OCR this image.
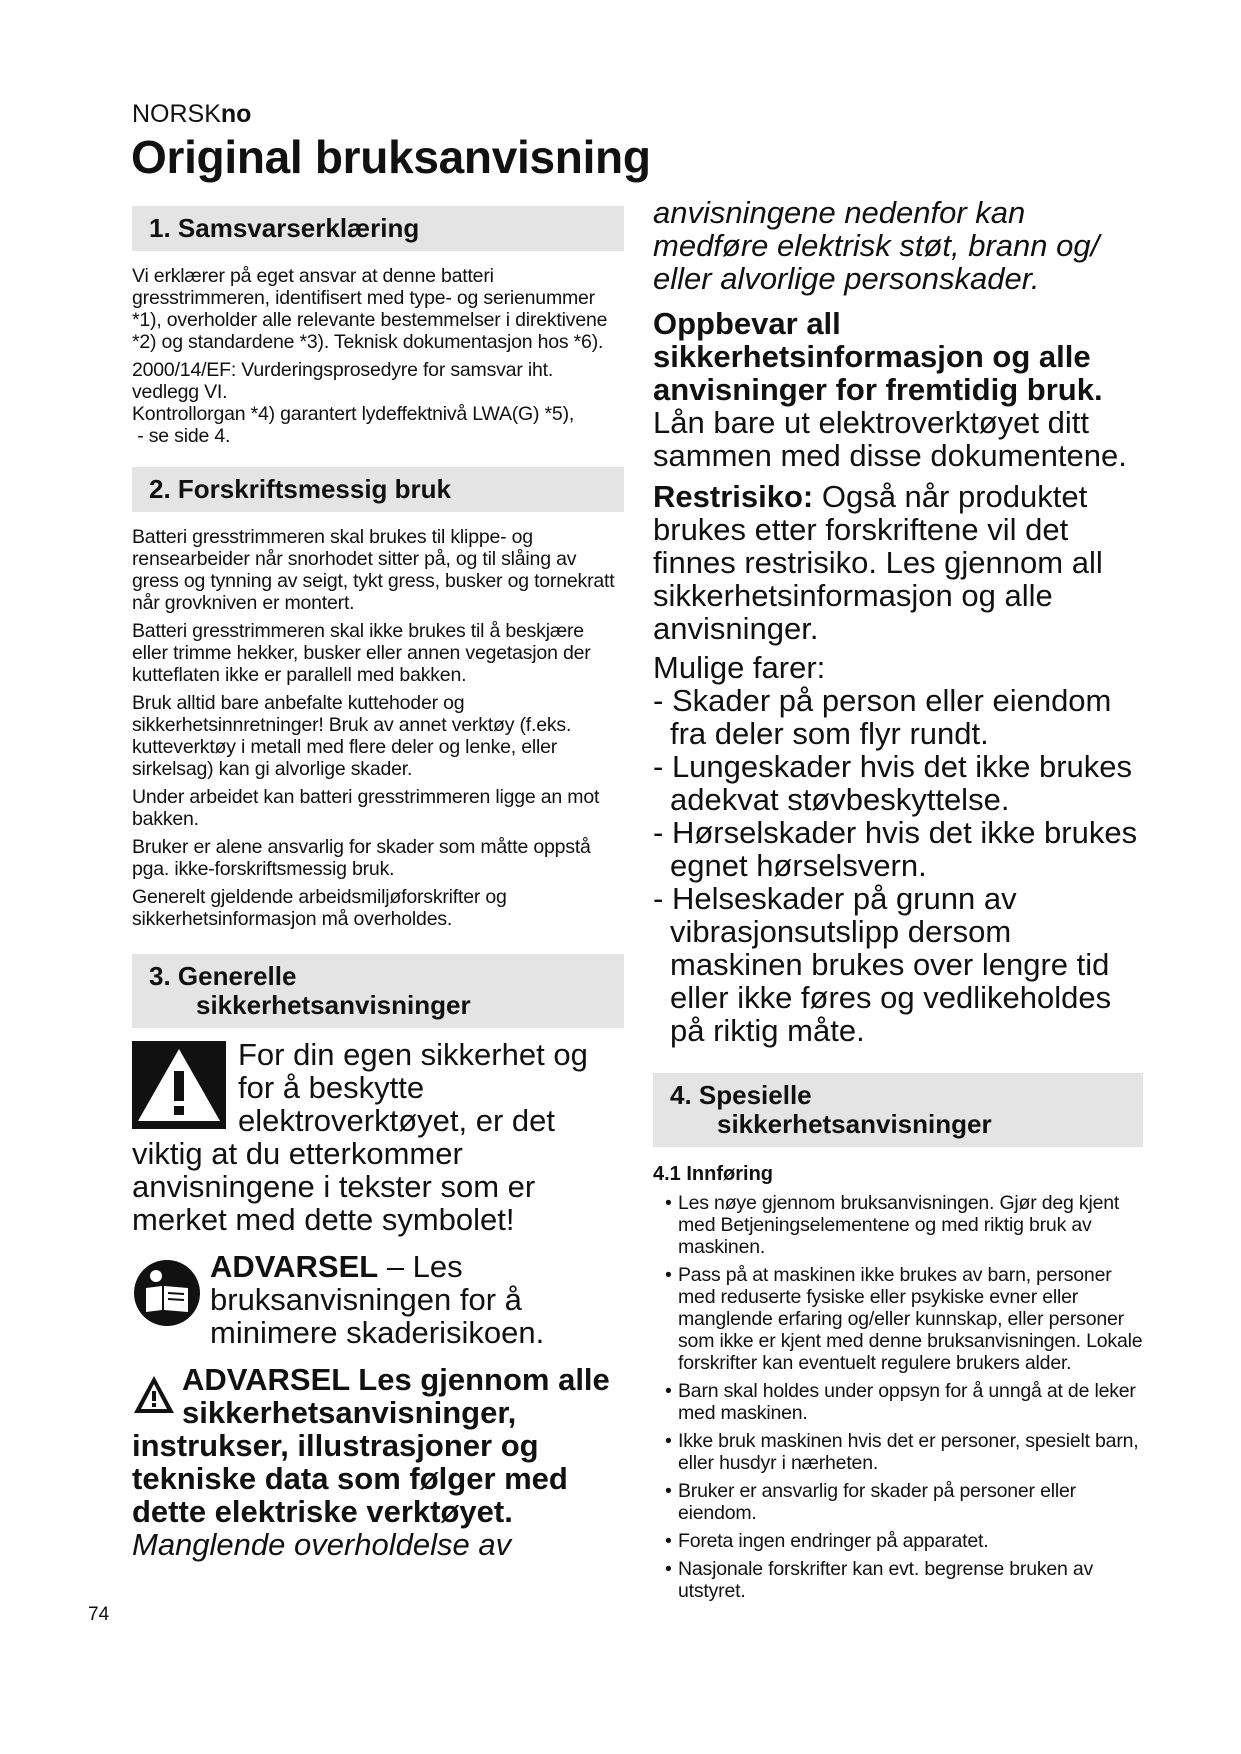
NORSKno
Original bruksanvisning
1. Samsvarserklæring

Vi erklærer på eget ansvar at denne batteri gresstrimmeren, identifisert med type- og serienummer *1), overholder alle relevante bestemmelser i direktivene *2) og standardene *3). Teknisk dokumentasjon hos *6).

2000/14/EF: Vurderingsprosedyre for samsvar iht. vedlegg VI.

Kontrollorgan *4) garantert lydeffektnivå LWA(G) *5),

- se side 4.

2. Forskriftsmessig bruk

Batteri gresstrimmeren skal brukes til klippe- og rensearbeider når snorhodet sitter på, og til slåing av gress og tynning av seigt, tykt gress, busker og tornekratt når grovkniven er montert.

Batteri gresstrimmeren skal ikke brukes til å beskjære eller trimme hekker, busker eller annen vegetasjon der kutteflaten ikke er parallell med bakken.

Bruk alltid bare anbefalte kuttehoder og sikkerhetsinnretninger! Bruk av annet verktøy (f.eks. kutteverktøy i metall med flere deler og lenke, eller sirkelsag) kan gi alvorlige skader.

Under arbeidet kan batteri gresstrimmeren ligge an mot bakken.

Bruker er alene ansvarlig for skader som måtte oppstå pga. ikke-forskriftsmessig bruk.

Generelt gjeldende arbeidsmiljøforskrifter og sikkerhetsinformasjon må overholdes.

3. Generelle
sikkerhetsanvisninger
For din egen sikkerhet og for å beskytte elektroverktøyet, er det viktig at du etterkommer anvisningene i tekster som er merket med dette symbolet!
ADVARSEL – Les bruksanvisningen for å minimere skaderisikoen.
ADVARSEL Les gjennom alle sikkerhetsanvisninger, instrukser, illustrasjoner og tekniske data som følger med dette elektriske verktøyet.
Manglende overholdelse av
anvisningene nedenfor kan medføre elektrisk støt, brann og/ eller alvorlige personskader.
Oppbevar all sikkerhetsinformasjon og alle anvisninger for fremtidig bruk.
Lån bare ut elektroverktøyet ditt sammen med disse dokumentene.
Restrisiko: Også når produktet brukes etter forskriftene vil det finnes restrisiko. Les gjennom all sikkerhetsinformasjon og alle anvisninger.
Mulige farer:
- Skader på person eller eiendom fra deler som flyr rundt.
- Lungeskader hvis det ikke brukes adekvat støvbeskyttelse.
- Hørselskader hvis det ikke brukes egnet hørselsvern.
- Helseskader på grunn av vibrasjonsutslipp dersom maskinen brukes over lengre tid eller ikke føres og vedlikeholdes på riktig måte.
4. Spesielle
sikkerhetsanvisninger
4.1 Innføring
• Les nøye gjennom bruksanvisningen. Gjør deg kjent med Betjeningselementene og med riktig bruk av maskinen.
• Pass på at maskinen ikke brukes av barn, personer med reduserte fysiske eller psykiske evner eller manglende erfaring og/eller kunnskap, eller personer som ikke er kjent med denne bruksanvisningen. Lokale forskrifter kan eventuelt regulere brukers alder.
• Barn skal holdes under oppsyn for å unngå at de leker med maskinen.
• Ikke bruk maskinen hvis det er personer, spesielt barn, eller husdyr i nærheten.
• Bruker er ansvarlig for skader på personer eller eiendom.
• Foreta ingen endringer på apparatet.
• Nasjonale forskrifter kan evt. begrense bruken av utstyret.
74
